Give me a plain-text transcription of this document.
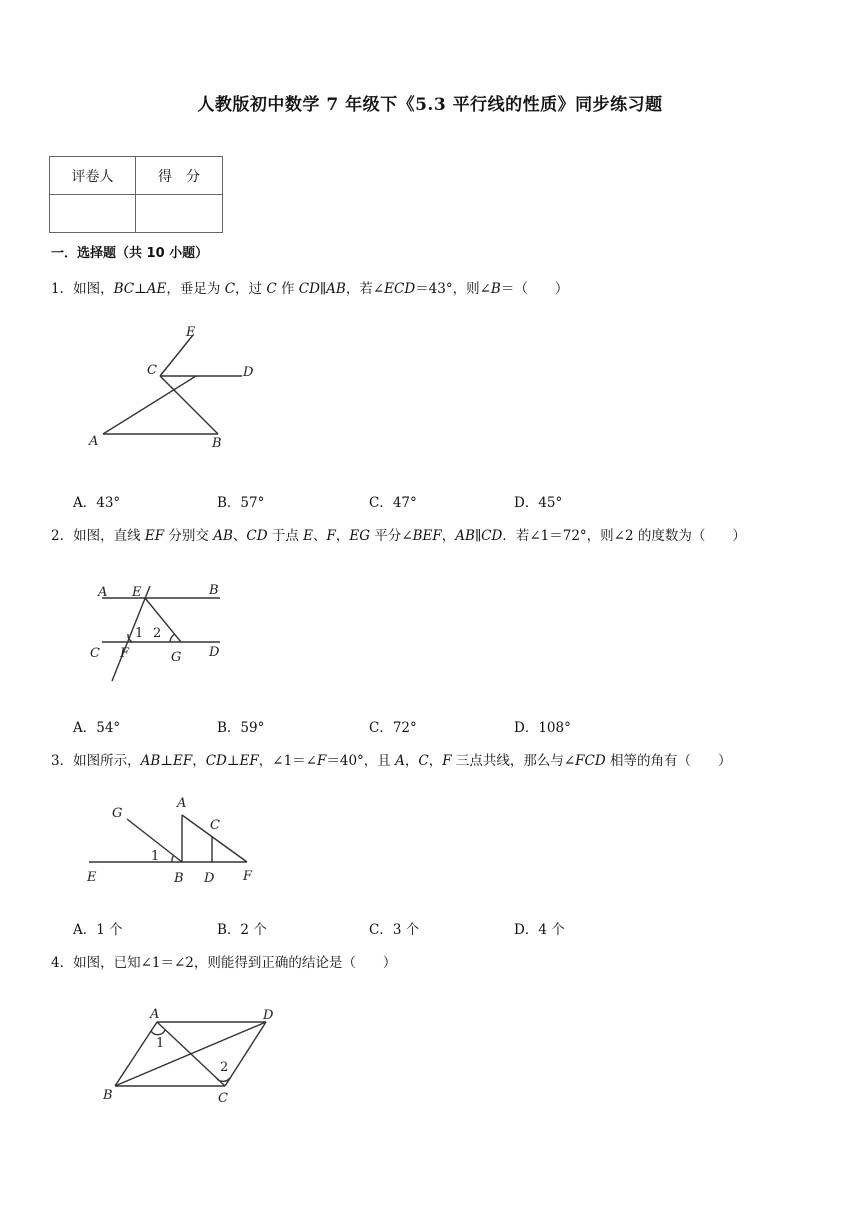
人教版初中数学 7 年级下《5.3 平行线的性质》同步练习题
评卷人	得　分

一．选择题（共 10 小题）
1．如图，BC⊥AE，垂足为 C，过 C 作 CD∥AB，若∠ECD＝43°，则∠B＝（　　）
E
C	D
A	B
A．43°	B．57°	C．47°	D．45°
2．如图，直线 EF 分别交 AB、CD 于点 E、F，EG 平分∠BEF，AB∥CD．若∠1＝72°，则∠2 的度数为（　　）
A E	B
1 2
C F	G D
A．54°	B．59°	C．72°	D．108°
3．如图所示，AB⊥EF，CD⊥EF，∠1＝∠F＝40°，且 A，C，F 三点共线，那么与∠FCD 相等的角有（　　）
G
A
C
1
E	B D F
A．1 个	B．2 个	C．3 个	D．4 个
4．如图，已知∠1＝∠2，则能得到正确的结论是（　　）
A	D
1
2
B	C
